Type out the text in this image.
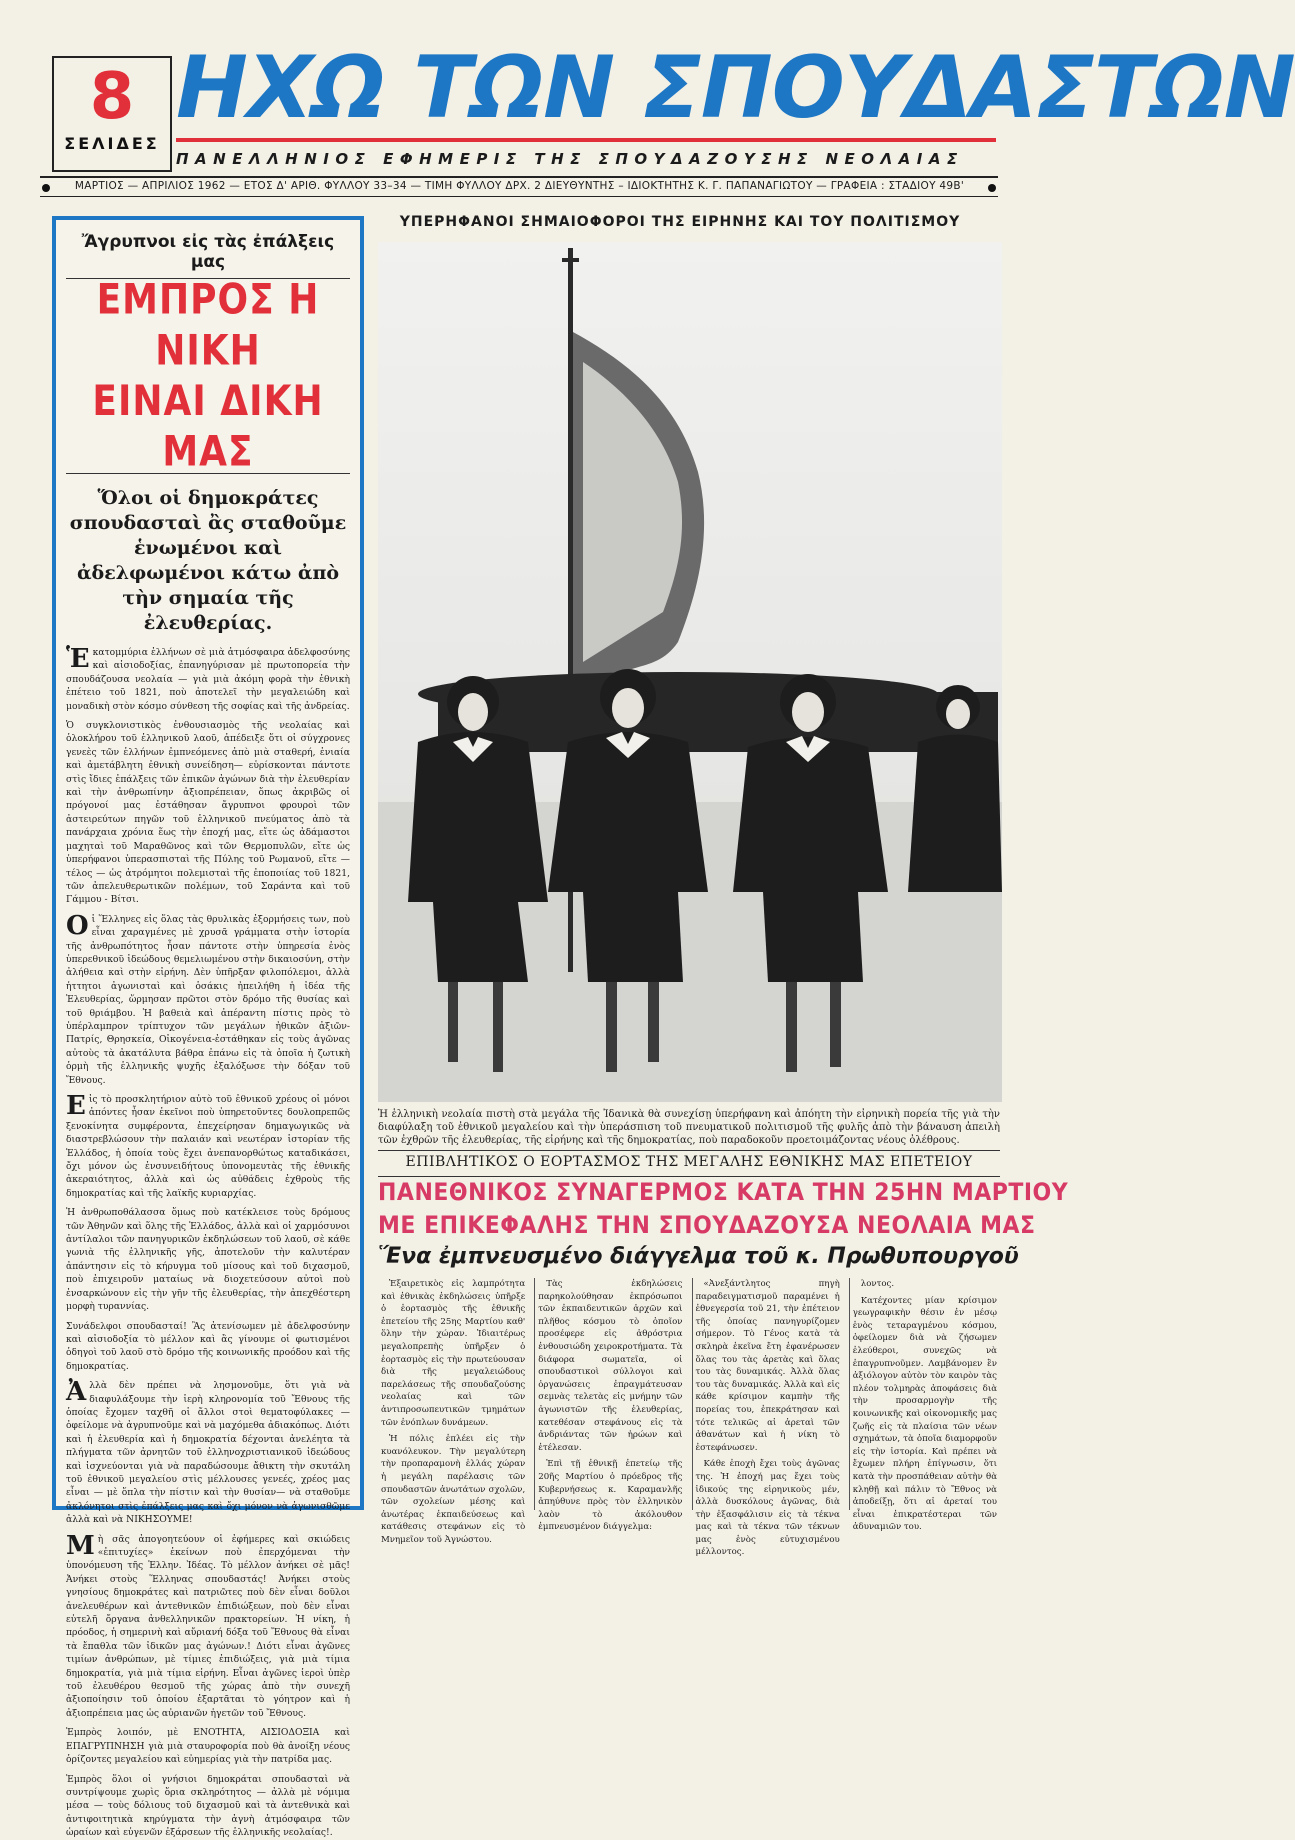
8
ΣΕΛΙΔΕΣ
ΗΧΩ ΤΩΝ ΣΠΟΥΔΑΣΤΩΝ
ΠΑΝΕΛΛΗΝΙΟΣ ΕΦΗΜΕΡΙΣ ΤΗΣ ΣΠΟΥΔΑΖΟΥΣΗΣ ΝΕΟΛΑΙΑΣ
ΜΑΡΤΙΟΣ — ΑΠΡΙΛΙΟΣ 1962 — ΕΤΟΣ Δ' ΑΡΙΘ. ΦΥΛΛΟΥ 33–34 — ΤΙΜΗ ΦΥΛΛΟΥ ΔΡΧ. 2 ΔΙΕΥΘΥΝΤΗΣ – ΙΔΙΟΚΤΗΤΗΣ Κ. Γ. ΠΑΠΑΝΑΓΙΩΤΟΥ — ΓΡΑΦΕΙΑ : ΣΤΑΔΙΟΥ 49Β'
Ἄγρυπνοι εἰς τὰς ἐπάλξεις μας
ΕΜΠΡΟΣ Η ΝΙΚΗ
ΕΙΝΑΙ ΔΙΚΗ ΜΑΣ
Ὅλοι οἱ δημοκράτες σπουδασταὶ ἂς σταθοῦμε ἑνωμένοι καὶ ἀδελφωμένοι κάτω ἀπὸ τὴν σημαία τῆς ἐλευθερίας.

Ἑκατομμύρια ἑλλήνων σὲ μιὰ ἀτμόσφαιρα ἀδελφοσύνης καὶ αἰσιοδοξίας, ἐπανηγύρισαν μὲ πρωτοπορεία τὴν σπουδάζουσα νεολαία — γιὰ μιὰ ἀκόμη φορὰ τὴν ἐθνικὴ ἐπέτειο τοῦ 1821, ποὺ ἀποτελεῖ τὴν μεγαλειώδη καὶ μοναδικὴ στὸν κόσμο σύνθεση τῆς σοφίας καὶ τῆς ἀνδρείας.

Ὁ συγκλονιστικὸς ἐνθουσιασμὸς τῆς νεολαίας καὶ ὁλοκλήρου τοῦ ἑλληνικοῦ λαοῦ, ἀπέδειξε ὅτι οἱ σύγχρονες γενεὲς τῶν ἑλλήνων ἐμπνεόμενες ἀπὸ μιὰ σταθερή, ἑνιαία καὶ ἀμετάβλητη ἐθνικὴ συνείδηση— εὑρίσκονται πάντοτε στὶς ἴδιες ἐπάλξεις τῶν ἐπικῶν ἀγώνων διὰ τὴν ἐλευθερίαν καὶ τὴν ἀνθρωπίνην ἀξιοπρέπειαν, ὅπως ἀκριβῶς οἱ πρόγονοί μας ἐστάθησαν ἄγρυπνοι φρουροὶ τῶν ἀστειρεύτων πηγῶν τοῦ ἑλληνικοῦ πνεύματος ἀπὸ τὰ πανάρχαια χρόνια ἕως τὴν ἐποχή μας, εἴτε ὡς ἀδάμαστοι μαχηταὶ τοῦ Μαραθῶνος καὶ τῶν Θερμοπυλῶν, εἴτε ὡς ὑπερήφανοι ὑπερασπισταὶ τῆς Πύλης τοῦ Ρωμανοῦ, εἴτε — τέλος — ὡς ἀτρόμητοι πολεμισταὶ τῆς ἐποποιίας τοῦ 1821, τῶν ἀπελευθερωτικῶν πολέμων, τοῦ Σαράντα καὶ τοῦ Γάμμου - Βίτσι.

Οἱ Ἕλληνες εἰς ὅλας τὰς θρυλικὰς ἐξορμήσεις των, ποὺ εἶναι χαραγμένες μὲ χρυσᾶ γράμματα στὴν ἱστορία τῆς ἀνθρωπότητος ἦσαν πάντοτε στὴν ὑπηρεσία ἑνὸς ὑπερεθνικοῦ ἰδεώδους θεμελιωμένου στὴν δικαιοσύνη, στὴν ἀλήθεια καὶ στὴν εἰρήνη. Δὲν ὑπῆρξαν φιλοπόλεμοι, ἀλλὰ ἡττητοι ἀγωνισταὶ καὶ ὁσάκις ἠπειλήθη ἡ ἰδέα τῆς Ἐλευθερίας, ὥρμησαν πρῶτοι στὸν δρόμο τῆς θυσίας καὶ τοῦ θριάμβου. Ἡ βαθειὰ καὶ ἀπέραντη πίστις πρὸς τὸ ὑπέρλαμπρον τρίπτυχον τῶν μεγάλων ἠθικῶν ἀξιῶν-Πατρίς, Θρησκεία, Οἰκογένεια-ἐστάθηκαν εἰς τοὺς ἀγῶνας αὐτοὺς τὰ ἀκατάλυτα βάθρα ἐπάνω εἰς τὰ ὁποῖα ἡ ζωτικὴ ὁρμὴ τῆς ἑλληνικῆς ψυχῆς ἐξαλόξωσε τὴν δόξαν τοῦ Ἔθνους.

Εἰς τὸ προσκλητήριον αὐτὸ τοῦ ἐθνικοῦ χρέους οἱ μόνοι ἀπόντες ἦσαν ἐκεῖνοι ποὺ ὑπηρετοῦντες δουλοπρεπῶς ξενοκίνητα συμφέροντα, ἐπεχείρησαν δημαγωγικῶς νὰ διαστρεβλώσουν τὴν παλαιάν καὶ νεωτέραν ἱστορίαν τῆς Ἑλλάδος, ἡ ὁποία τοὺς ἔχει ἀνεπανορθώτως καταδικάσει, ὄχι μόνον ὡς ἐνσυνειδήτους ὑπονομευτὰς τῆς ἐθνικῆς ἀκεραιότητος, ἀλλὰ καὶ ὡς αὐθάδεις ἐχθροὺς τῆς δημοκρατίας καὶ τῆς λαϊκῆς κυριαρχίας.

Ἡ ἀνθρωποθάλασσα ὅμως ποὺ κατέκλεισε τοὺς δρόμους τῶν Ἀθηνῶν καὶ ὅλης τῆς Ἑλλάδος, ἀλλὰ καὶ οἱ χαρμόσυνοι ἀντίλαλοι τῶν πανηγυρικῶν ἐκδηλώσεων τοῦ λαοῦ, σὲ κάθε γωνιὰ τῆς ἑλληνικῆς γῆς, ἀποτελοῦν τὴν καλυτέραν ἀπάντησιν εἰς τὸ κήρυγμα τοῦ μίσους καὶ τοῦ διχασμοῦ, ποὺ ἐπιχειροῦν ματαίως νὰ διοχετεύσουν αὐτοὶ ποὺ ἐνσαρκώνουν εἰς τὴν γῆν τῆς ἐλευθερίας, τὴν ἀπεχθέστερη μορφὴ τυραννίας.

Συνάδελφοι σπουδασταί! Ἂς ἀτενίσωμεν μὲ ἀδελφοσύνην καὶ αἰσιοδοξία τὸ μέλλον καὶ ἂς γίνουμε οἱ φωτισμένοι ὁδηγοὶ τοῦ λαοῦ στὸ δρόμο τῆς κοινωνικῆς προόδου καὶ τῆς δημοκρατίας.

Ἀλλὰ δὲν πρέπει νὰ λησμονοῦμε, ὅτι γιὰ νὰ διαφυλάξουμε τὴν ἱερὴ κληρονομία τοῦ Ἔθνους τῆς ὁποίας ἔχομεν ταχθῆ οἱ ἄλλοι στοὶ θεματοφύλακες — ὀφείλομε νὰ ἀγρυπνοῦμε καὶ νὰ μαχόμεθα ἀδιακόπως. Διότι καὶ ἡ ἐλευθερία καὶ ἡ δημοκρατία δέχονται ἀνελέητα τὰ πλήγματα τῶν ἀρνητῶν τοῦ ἑλληνοχριστιανικοῦ ἰδεώδους καὶ ἰσχνεύονται γιὰ νὰ παραδώσουμε ἄθικτη τὴν σκυτάλη τοῦ ἐθνικοῦ μεγαλείου στὶς μέλλουσες γενεές, χρέος μας εἶναι — μὲ ὅπλα τὴν πίστιν καὶ τὴν θυσίαν— νὰ σταθοῦμε ἀκλόνητοι στὶς ἐπάλξεις μας καὶ ὄχι μόνον νὰ ἀγωνισθῶμε ἀλλὰ καὶ νὰ ΝΙΚΗΣΟΥΜΕ!

Μὴ σᾶς ἀπογοητεύουν οἱ ἐφήμερες καὶ σκιώδεις «ἐπιτυχίες» ἐκείνων ποὺ ἐπερχόμεναι τὴν ὑπονόμευση τῆς Ἑλλην. Ἰδέας. Τὸ μέλλον ἀνήκει σὲ μᾶς! Ἀνήκει στοὺς Ἕλληνας σπουδαστάς! Ἀνήκει στοὺς γνησίους δημοκράτες καὶ πατριῶτες ποὺ δὲν εἶναι δοῦλοι ἀνελευθέρων καὶ ἀντεθνικῶν ἐπιδιώξεων, ποὺ δὲν εἶναι εὐτελῆ ὄργανα ἀνθελληνικῶν πρακτορείων. Ἡ νίκη, ἡ πρόοδος, ἡ σημερινὴ καὶ αὔριανή δόξα τοῦ Ἔθνους θὰ εἶναι τὰ ἔπαθλα τῶν ἰδικῶν μας ἀγώνων.! Διότι εἶναι ἀγῶνες τιμίων ἀνθρώπων, μὲ τίμιες ἐπιδιώξεις, γιὰ μιὰ τίμια δημοκρατία, γιὰ μιὰ τίμια εἰρήνη. Εἶναι ἀγῶνες ἱεροὶ ὑπὲρ τοῦ ἐλευθέρου θεσμοῦ τῆς χώρας ἀπὸ τὴν συνεχῆ ἀξιοποίησιν τοῦ ὁποίου ἐξαρτᾶται τὸ γόητρον καὶ ἡ ἀξιοπρέπεια μας ὡς αὐριανῶν ἡγετῶν τοῦ Ἔθνους.

Ἐμπρὸς λοιπόν, μὲ ΕΝΟΤΗΤΑ, ΑΙΣΙΟΔΟΞΙΑ καὶ ΕΠΑΓΡΥΠΝΗΣΗ γιὰ μιὰ σταυροφορία ποὺ θὰ ἀνοίξη νέους ὁρίζοντες μεγαλείου καὶ εὐημερίας γιὰ τὴν πατρίδα μας.

Ἐμπρὸς ὅλοι οἱ γνήσιοι δημοκράται σπουδασταὶ νὰ συντρίψουμε χωρὶς ὅρια σκληρότητος — ἀλλὰ μὲ νόμιμα μέσα — τοὺς δόλιους τοῦ διχασμοῦ καὶ τὰ ἀντεθνικὰ καὶ ἀντιφοιτητικὰ κηρύγματα τὴν ἁγνὴ ἀτμόσφαιρα τῶν ὡραίων καὶ εὐγενῶν ἐξάρσεων τῆς ἑλληνικῆς νεολαίας!.

ΥΠΕΡΗΦΑΝΟΙ ΣΗΜΑΙΟΦΟΡΟΙ ΤΗΣ ΕΙΡΗΝΗΣ ΚΑΙ ΤΟΥ ΠΟΛΙΤΙΣΜΟΥ
Ἡ ἑλληνικὴ νεολαία πιστὴ στὰ μεγάλα τῆς Ἰδανικὰ θὰ συνεχίσῃ ὑπερήφανη καὶ ἀπόητη τὴν εἰρηνικὴ πορεία τῆς γιὰ τὴν διαφύλαξη τοῦ ἐθνικοῦ μεγαλείου καὶ τὴν ὑπεράσπιση τοῦ πνευματικοῦ πολιτισμοῦ τῆς φυλῆς ἀπὸ τὴν βάναυση ἀπειλὴ τῶν ἐχθρῶν τῆς ἐλευθερίας, τῆς εἰρήνης καὶ τῆς δημοκρατίας, ποὺ παραδοκοῦν προετοιμάζοντας νέους ὀλέθρους.
ΕΠΙΒΛΗΤΙΚΟΣ Ο ΕΟΡΤΑΣΜΟΣ ΤΗΣ ΜΕΓΑΛΗΣ ΕΘΝΙΚΗΣ ΜΑΣ ΕΠΕΤΕΙΟΥ
ΠΑΝΕΘΝΙΚΟΣ ΣΥΝΑΓΕΡΜΟΣ ΚΑΤΑ ΤΗΝ 25ΗΝ ΜΑΡΤΙΟΥ
ΜΕ ΕΠΙΚΕΦΑΛΗΣ ΤΗΝ ΣΠΟΥΔΑΖΟΥΣΑ ΝΕΟΛΑΙΑ ΜΑΣ
Ἕνα ἐμπνευσμένο διάγγελμα τοῦ κ. Πρωθυπουργοῦ

Ἐξαιρετικὸς εἰς λαμπρότητα καὶ ἐθνικὰς ἐκδηλώσεις ὑπῆρξε ὁ ἑορτασμὸς τῆς ἐθνικῆς ἐπετείου τῆς 25ης Μαρτίου καθ' ὅλην τὴν χώραν. Ἰδιαιτέρως μεγαλοπρεπὴς ὑπῆρξεν ὁ ἑορτασμὸς εἰς τὴν πρωτεύουσαν διὰ τῆς μεγαλειώδους παρελάσεως τῆς σπουδαζούσης νεολαίας καὶ τῶν ἀντιπροσωπευτικῶν τμημάτων τῶν ἐνόπλων δυνάμεων.

Ἡ πόλις ἐπλέει εἰς τὴν κυανόλευκον. Τὴν μεγαλύτερη τὴν προπαραμονὴ ἑλλάς χώραν ἡ μεγάλη παρέλασις τῶν σπουδαστῶν ἀνωτάτων σχολῶν, τῶν σχολείων μέσης καὶ ἀνωτέρας ἐκπαιδεύσεως καὶ κατάθεσις στεφάνων εἰς τὸ Μνημεῖον τοῦ Ἀγνώστου.

Τὰς ἐκδηλώσεις παρηκολούθησαν ἐκπρόσωποι τῶν ἐκπαιδευτικῶν ἀρχῶν καὶ πλῆθος κόσμου τὸ ὁποῖον προσέφερε εἰς ἀθρόστρια ἐνθουσιώδη χειροκροτήματα. Τὰ διάφορα σωματεῖα, οἱ σπουδαστικοὶ σύλλογοι καὶ ὀργανώσεις ἐπραγμάτευσαν σεμνὰς τελετὰς εἰς μνήμην τῶν ἀγωνιστῶν τῆς ἐλευθερίας, κατεθέσαν στεφάνους εἰς τὰ ἀνδριάντας τῶν ἡρώων καὶ ἐτέλεσαν.

Ἐπὶ τῇ ἐθνικῇ ἐπετείῳ τῆς 20ῆς Μαρτίου ὁ πρόεδρος τῆς Κυβερνήσεως κ. Καραμανλῆς ἀπηύθυνε πρὸς τὸν ἑλληνικὸν λαὸν τὸ ἀκόλουθον ἐμπνευσμένον διάγγελμα:

«Ἀνεξάντλητος πηγὴ παραδειγματισμοῦ παραμένει ἡ ἐθνεγερσία τοῦ 21, τὴν ἐπέτειον τῆς ὁποίας πανηγυρίζομεν σήμερον. Τὸ Γένος κατὰ τὰ σκληρὰ ἐκεῖνα ἔτη ἐφανέρωσεν ὅλας του τὰς ἀρετὰς καὶ ὅλας του τὰς δυναμικάς. Ἀλλὰ ὅλας του τὰς δυναμικάς. Ἀλλὰ καὶ εἰς κάθε κρίσιμον καμπὴν τῆς πορείας του, ἐπεκράτησαν καὶ τότε τελικῶς αἱ ἀρεταὶ τῶν ἀθανάτων καὶ ἡ νίκη τὸ ἐστεφάνωσεν.

Κάθε ἐποχὴ ἔχει τοὺς ἀγῶνας της. Ἡ ἐποχή μας ἔχει τοὺς ἰδικούς της εἰρηνικοὺς μέν, ἀλλὰ δυσκόλους ἀγῶνας, διὰ τὴν ἐξασφάλισιν εἰς τὰ τέκνα μας καὶ τὰ τέκνα τῶν τέκνων μας ἑνὸς εὐτυχισμένου μέλλοντος.

λοντος.

Κατέχοντες μίαν κρίσιμον γεωγραφικὴν θέσιν ἐν μέσῳ ἑνὸς τεταραγμένου κόσμου, ὀφείλομεν διὰ νὰ ζήσωμεν ἐλεύθεροι, συνεχῶς νὰ ἐπαγρυπνοῦμεν. Λαμβάνομεν ἓν ἀξιόλογον αὐτὸν τὸν καιρὸν τὰς πλέον τολμηρὰς ἀποφάσεις διὰ τὴν προσαρμογὴν τῆς κοινωνικῆς καὶ οἰκονομικῆς μας ζωῆς εἰς τὰ πλαίσια τῶν νέων σχημάτων, τὰ ὁποῖα διαμορφοῦν εἰς τὴν ἱστορία. Καὶ πρέπει νὰ ἔχωμεν πλήρη ἐπίγνωσιν, ὅτι κατὰ τὴν προσπάθειαν αὐτὴν θὰ κληθῇ καὶ πάλιν τὸ Ἔθνος νὰ ἀποδείξῃ, ὅτι αἱ ἀρεταί του εἶναι ἐπικρατέστεραι τῶν ἀδυναμιῶν του.
